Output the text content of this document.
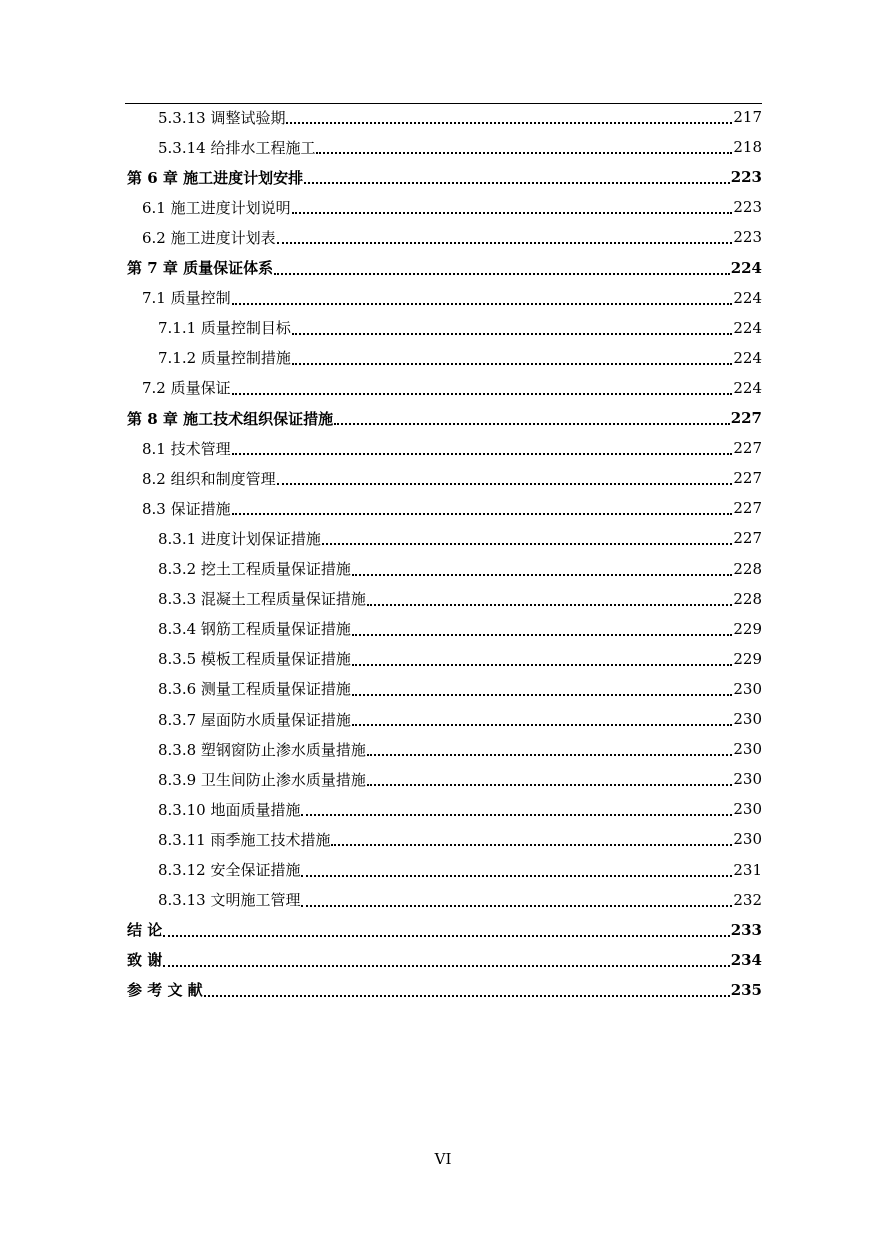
5.3.13 调整试验期	217
5.3.14 给排水工程施工	218
第 6 章 施工进度计划安排	223
6.1 施工进度计划说明	223
6.2 施工进度计划表	223
第 7 章 质量保证体系	224
7.1 质量控制	224
7.1.1 质量控制目标	224
7.1.2 质量控制措施	224
7.2 质量保证	224
第 8 章 施工技术组织保证措施	227
8.1 技术管理	227
8.2 组织和制度管理	227
8.3 保证措施	227
8.3.1 进度计划保证措施	227
8.3.2 挖土工程质量保证措施	228
8.3.3 混凝土工程质量保证措施	228
8.3.4 钢筋工程质量保证措施	229
8.3.5 模板工程质量保证措施	229
8.3.6 测量工程质量保证措施	230
8.3.7 屋面防水质量保证措施	230
8.3.8 塑钢窗防止渗水质量措施	230
8.3.9 卫生间防止渗水质量措施	230
8.3.10 地面质量措施	230
8.3.11 雨季施工技术措施	230
8.3.12 安全保证措施	231
8.3.13 文明施工管理	232
结 论	233
致 谢	234
参 考 文 献	235
VI
